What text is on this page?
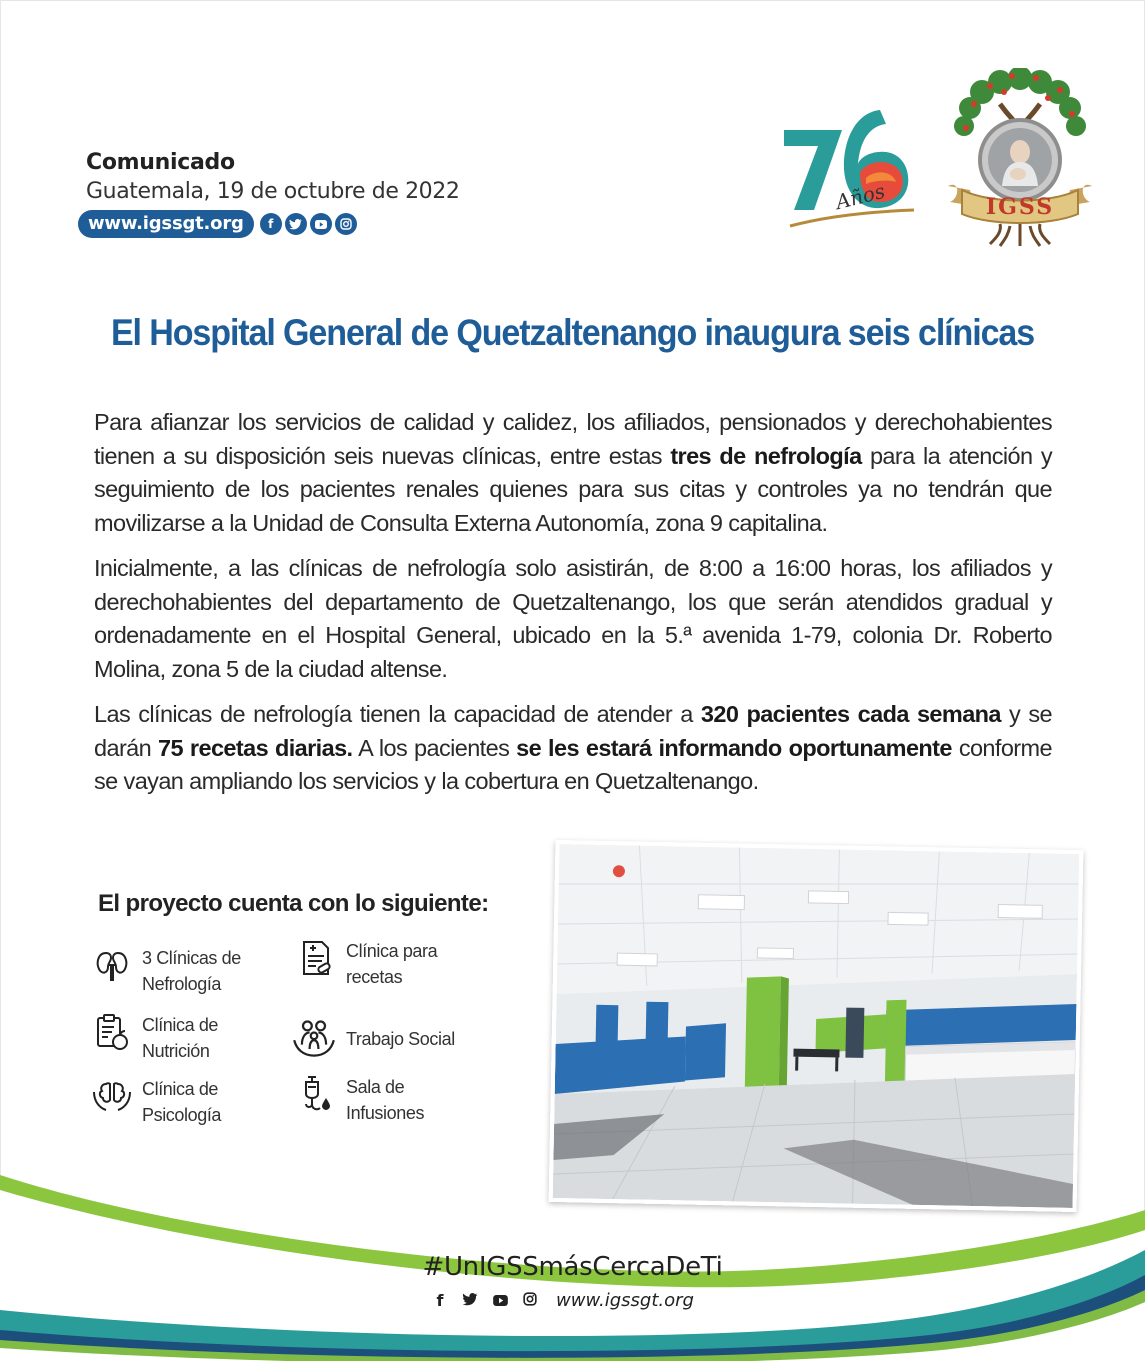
Comunicado
Guatemala, 19 de octubre de 2022
www.igssgt.org	f
Años	IGSS
El Hospital General de Quetzaltenango inaugura seis clínicas

Para afianzar los servicios de calidad y calidez, los afiliados, pensionados y derechohabientes tienen a su disposición seis nuevas clínicas, entre estas tres de nefrología para la atención y seguimiento de los pacientes renales quienes para sus citas y controles ya no tendrán que movilizarse a la Unidad de Consulta Externa Autonomía, zona 9 capitalina.

Inicialmente, a las clínicas de nefrología solo asistirán, de 8:00 a 16:00 horas, los afiliados y derechohabientes del departamento de Quetzaltenango, los que serán atendidos gradual y ordenadamente en el Hospital General, ubicado en la 5.ª avenida 1-79, colonia Dr. Roberto Molina, zona 5 de la ciudad altense.

Las clínicas de nefrología tienen la capacidad de atender a 320 pacientes cada semana y se darán 75 recetas diarias. A los pacientes se les estará informando oportunamente conforme se vayan ampliando los servicios y la cobertura en Quetzaltenango.

El proyecto cuenta con lo siguiente:
3 Clínicas de
Nefrología
Clínica para
recetas
Clínica de
Nutrición
Trabajo Social
Clínica de
Psicología
Sala de
Infusiones
#UnIGSSmásCercaDeTi
f	www.igssgt.org
